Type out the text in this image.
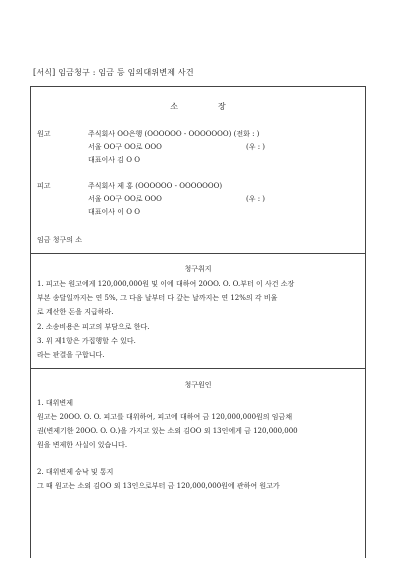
[서식] 임금청구 : 임금 등 임의대위변제 사건
소	장
원고	주식회사 OO은행 (OOOOOO - OOOOOOO) (전화 : )
서울 OO구 OO로 OOO	(우 : )
대표이사 김 O O
피고	주식회사 제 홍 (OOOOOO - OOOOOOO)
서울 OO구 OO로 OOO	(우 : )
대표이사 이 O O
임금 청구의 소
청구취지
1. 피고는 원고에게 120,000,000원 및 이에 대하여 20OO. O. O.부터 이 사건 소장
부본 송달일까지는 연 5%, 그 다음 날부터 다 갚는 날까지는 연 12%의 각 비율
로 계산한 돈을 지급하라.
2. 소송비용은 피고의 부담으로 한다.
3. 위 제1항은 가집행할 수 있다.
라는 판결을 구합니다.
청구원인
1. 대위변제
원고는 20OO. O. O. 피고를 대위하여, 피고에 대하여 금 120,000,000원의 임금채
권(변제기한 20OO. O. O.)을 가지고 있는 소외 김OO 외 13인에게 금 120,000,000
원을 변제한 사실이 있습니다.
2. 대위변제 승낙 및 통지
그 때 원고는 소외 김OO 외 13인으로부터 금 120,000,000원에 관하여 원고가
